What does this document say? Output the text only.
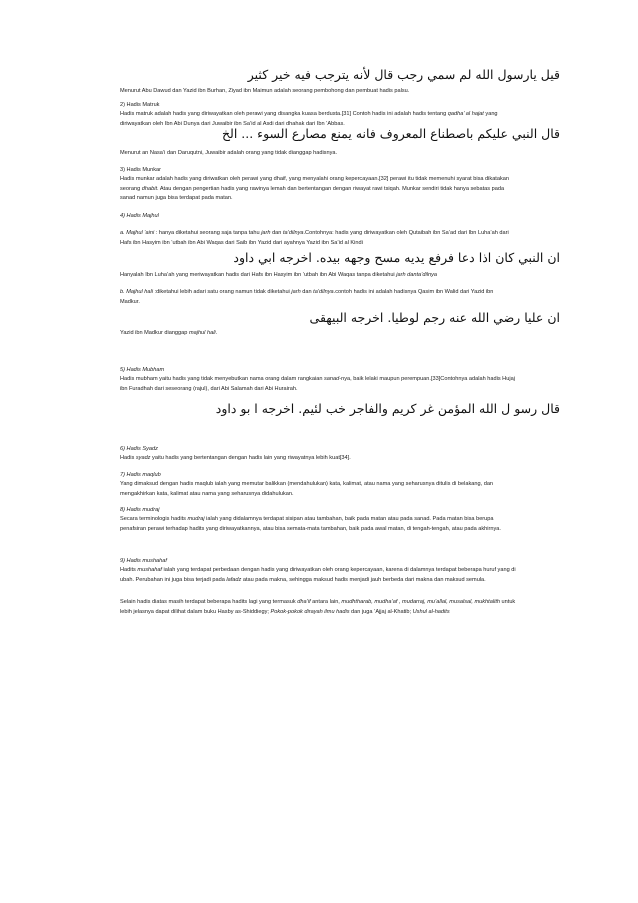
قيل يارسول الله لم سمي رجب قال لأنه يترجب فيه خير كثير

Menurut Abu Dawud dan Yazid ibn Burhan, Ziyad ibn Maimun adalah seorang pembohong dan pembuat hadis palsu.

2) Hadis Matruk

Hadis matruk adalah hadis yang diriwayatkan oleh perawi yang disangka kuasa berdusta.[31] Contoh hadis ini adalah hadis tentang qadha’ al hajat yang
diriwayatkan oleh Ibn Abi Dunya dari Juwaibir ibn Sa’id al Asdi dari dhahak dari Ibn ‘Abbas.

قال النبي عليكم باصطناع المعروف فانه يمنع مصارع السوء ... الخ

Menurut an Nasa’i dan Daruqutni, Juwaibir adalah orang yang tidak dianggap hadisnya.

3) Hadis Munkar

Hadis munkar adalah hadis yang diriwatkan oleh perawi yang dhaif, yang menyalahi orang kepercayaan.[32] perawi itu tidak memenuhi syarat bisa dikatakan
seorang dhabit. Atau dengan pengertian hadis yang rawinya lemah dan bertentangan dengan riwayat rawi tsiqah. Munkar sendiri tidak hanya sebatas pada
sanad namun juga bisa terdapat pada matan.

4) Hadis Majhul

a. Majhul ‘aini : hanya diketahui seorang saja tanpa tahu jarh dan ta’dilnya.Contohnya: hadis yang diriwayatkan oleh Qutaibah ibn Sa’ad dari Ibn Luha’ah dari
Hafs ibn Hasyim ibn ‘utbah ibn Abi Waqas dari Saib ibn Yazid dari ayahnya Yazid ibn Sa’id al Kindi

ان النبي كان اذا دعا فرفع يديه مسح وجهه بيده. اخرجه ابي داود

Hanyalah Ibn Luha’ah yang meriwayatkan hadis dari Hafs ibn Hasyim ibn ‘utbah ibn Abi Waqas tanpa diketahui jarh dantа’dilnya

b. Majhul hali :diketahui lebih adari satu orang namun tidak diketahui jarh dan ta’dilnya.contoh hadis ini adalah hadisnya Qasim ibn Walid dari Yazid ibn
Madkur.

ان عليا رضي الله عنه رجم لوطيا. اخرجه البيهقى

Yazid ibn Madkur dianggap majhul hali.

5) Hadis Mubham

Hadis mubham yaitu hadis yang tidak menyebutkan nama orang dalam rangkaian sanad-nya, baik lelaki maupun perempuan.[33]Contohnya adalah hadis Hujaj
ibn Furadhah dari seseorang (rajul), dari Abi Salamah dari Abi Hurairah.

قال رسو ل الله المؤمن غر كريم والفاجر خب لئيم. اخرجه ا بو داود

6) Hadis Syadz

Hadis syadz yaitu hadis yang bertentangan dengan hadis lain yang riwayatnya lebih kuat[34].

7) Hadis maqlub

Yang dimaksud dengan hadis maqlub ialah yang memutar balikkan (mendahulukan) kata, kalimat, atau nama yang seharusnya ditulis di belakang, dan
mengakhirkan kata, kalimat atau nama yang seharusnya didahulukan.

8) Hadis mudraj

Secara terminologis hadits mudraj ialah yang didalamnya terdapat sisipan atau tambahan, baik pada matan atau pada sanad. Pada matan bisa berupa
penafsiran perawi terhadap hadits yang diriwayatkannya, atau bisa semata-mata tambahan, baik pada awal matan, di tengah-tengah, atau pada akhirnya.

9) Hadis mushahaf

Hadits mushahaf ialah yang terdapat perbedaan dengan hadis yang diriwayatkan oleh orang kepercayaan, karena di dalamnya terdapat beberapa huruf yang di
ubah. Perubahan ini juga bisa terjadi pada lafadz atau pada makna, sehingga maksud hadis menjadi jauh berbeda dari makna dan maksud semula.

Selain hadis diatas masih terdapat beberapa hadits lagi yang termasuk dha’if antara lain, mudhtharab, mudha’af , mudarraj, mu’allal, musalsal, mukhtalith untuk
lebih jelasnya dapat dilihat dalam buku Hasby as-Shiddiegy; Pokok-pokok dirayah ilmu hadis dan juga ‘Ajjaj al-Khatib; Ushul al-hadits
